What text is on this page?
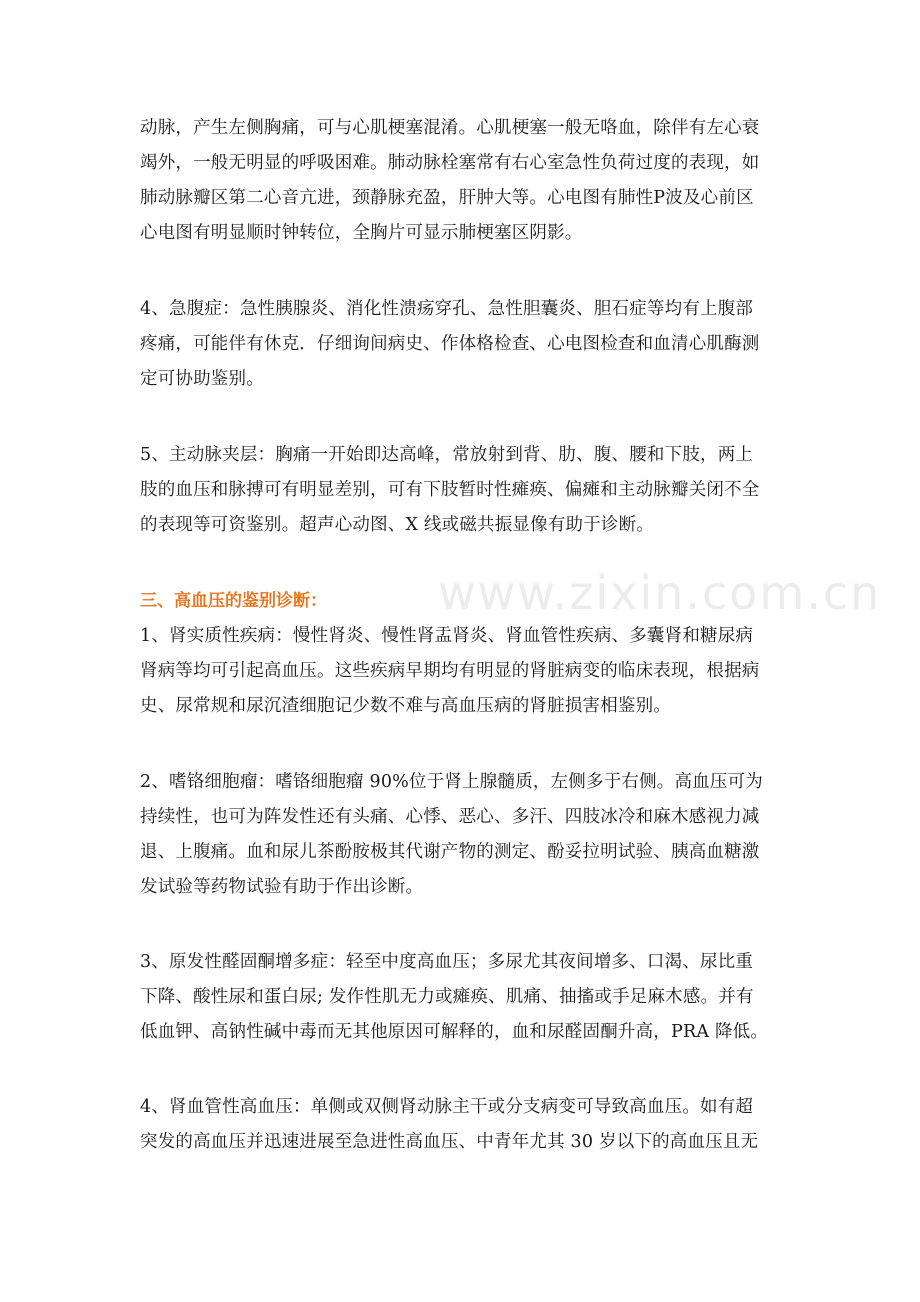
www.zixin.com.cn
动脉，产生左侧胸痛，可与心肌梗塞混淆。心肌梗塞一般无咯血，除伴有左心衰
竭外，一般无明显的呼吸困难。肺动脉栓塞常有右心室急性负荷过度的表现，如
肺动脉瓣区第二心音亢进，颈静脉充盈，肝肿大等。心电图有肺性P波及心前区
心电图有明显顺时钟转位，全胸片可显示肺梗塞区阴影。
4、急腹症：急性胰腺炎、消化性溃疡穿孔、急性胆囊炎、胆石症等均有上腹部
疼痛，可能伴有休克．仔细询间病史、作体格检查、心电图检查和血清心肌酶测
定可协助鉴别。
5、主动脉夹层：胸痛一开始即达高峰，常放射到背、肋、腹、腰和下肢，两上
肢的血压和脉搏可有明显差别，可有下肢暂时性瘫痪、偏瘫和主动脉瓣关闭不全
的表现等可资鉴别。超声心动图、X 线或磁共振显像有助于诊断。
三、高血压的鉴别诊断：
1、肾实质性疾病：慢性肾炎、慢性肾盂肾炎、肾血管性疾病、多囊肾和糖尿病
肾病等均可引起高血压。这些疾病早期均有明显的肾脏病变的临床表现，根据病
史、尿常规和尿沉渣细胞记少数不难与高血压病的肾脏损害相鉴别。
2、嗜铬细胞瘤：嗜铬细胞瘤 90%位于肾上腺髓质，左侧多于右侧。高血压可为
持续性，也可为阵发性还有头痛、心悸、恶心、多汗、四肢冰冷和麻木感视力减
退、上腹痛。血和尿儿茶酚胺极其代谢产物的测定、酚妥拉明试验、胰高血糖激
发试验等药物试验有助于作出诊断。
3、原发性醛固酮增多症：轻至中度高血压；多尿尤其夜间增多、口渴、尿比重
下降、酸性尿和蛋白尿; 发作性肌无力或瘫痪、肌痛、抽搐或手足麻木感。并有
低血钾、高钠性碱中毒而无其他原因可解释的，血和尿醛固酮升高，PRA 降低。
4、肾血管性高血压：单侧或双侧肾动脉主干或分支病变可导致高血压。如有超
突发的高血压并迅速进展至急进性高血压、中青年尤其 30 岁以下的高血压且无
